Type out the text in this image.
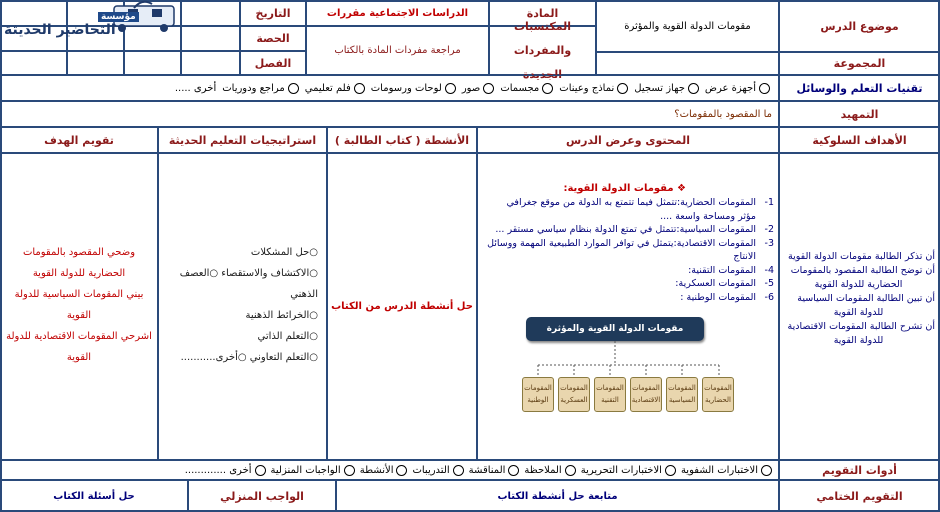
موضوع الدرس
المجموعة
مقومات الدولة القوية والمؤثرة
المادة
المكتسبات والمفردات الجديدة
الدراسات الاجتماعية مقررات
مراجعة مفردات المادة بالكتاب
التاريخ
الحصة
الفصل
مؤسسة
التحاضير الحديثة
تقنيات التعلم والوسائل
أجهزة عرض
جهاز تسجيل
نماذج وعينات
مجسمات
صور
لوحات ورسومات
فلم تعليمي
مراجع ودوريات
أخرى .....
التمهيد
ما المقصود بالمقومات؟
الأهداف السلوكية
المحتوى وعرض الدرس
الأنشطة ( كتاب الطالبة )
استراتيجيات التعليم الحديثة
تقويم الهدف
أن تذكر الطالبة مقومات الدولة القوية
أن توضح الطالبة المقصود بالمقومات
الحضارية للدولة القوية
أن تبين الطالبة المقومات السياسية
للدولة القوية
أن تشرح الطالبة المقومات الاقتصادية
للدولة القوية
❖ مقومات الدولة القوية:
1-
المقومات الحضارية:تتمثل فيما تتمتع به الدولة من موقع جغرافي
مؤثر ومساحة واسعة ....
2-
المقومات السياسية:تتمثل في تمتع الدولة بنظام سياسي مستقر ...
3-
المقومات الاقتصادية:يتمثل في توافر الموارد الطبيعية المهمة ووسائل
الانتاج
4-
المقومات التقنية:
5-
المقومات العسكرية:
6-
المقومات الوطنية :
مقومات الدولة القوية والمؤثرة
المقومات الحضارية
المقومات السياسية
المقومات الاقتصادية
المقومات التقنية
المقومات العسكرية
المقومات الوطنية
حل أنشطة الدرس من الكتاب
○حل المشكلات
○الاكتشاف والاستقصاء ○العصف
الذهني
○الخرائط الذهنية
○التعلم الذاتي
○التعلم التعاوني ○أخرى...........
وضحي المقصود بالمقومات
الحضارية للدولة القوية
بيني المقومات السياسية للدولة
القوية
اشرحي المقومات الاقتصادية للدولة
القوية
أدوات التقويم
الاختبارات الشفوية
الاختبارات التحريرية
الملاحظة
المناقشة
التدريبات
الأنشطة
الواجبات المنزلية
أخرى .............
التقويم الختامي
متابعة حل أنشطة الكتاب
الواجب المنزلي
حل أسئلة الكتاب
